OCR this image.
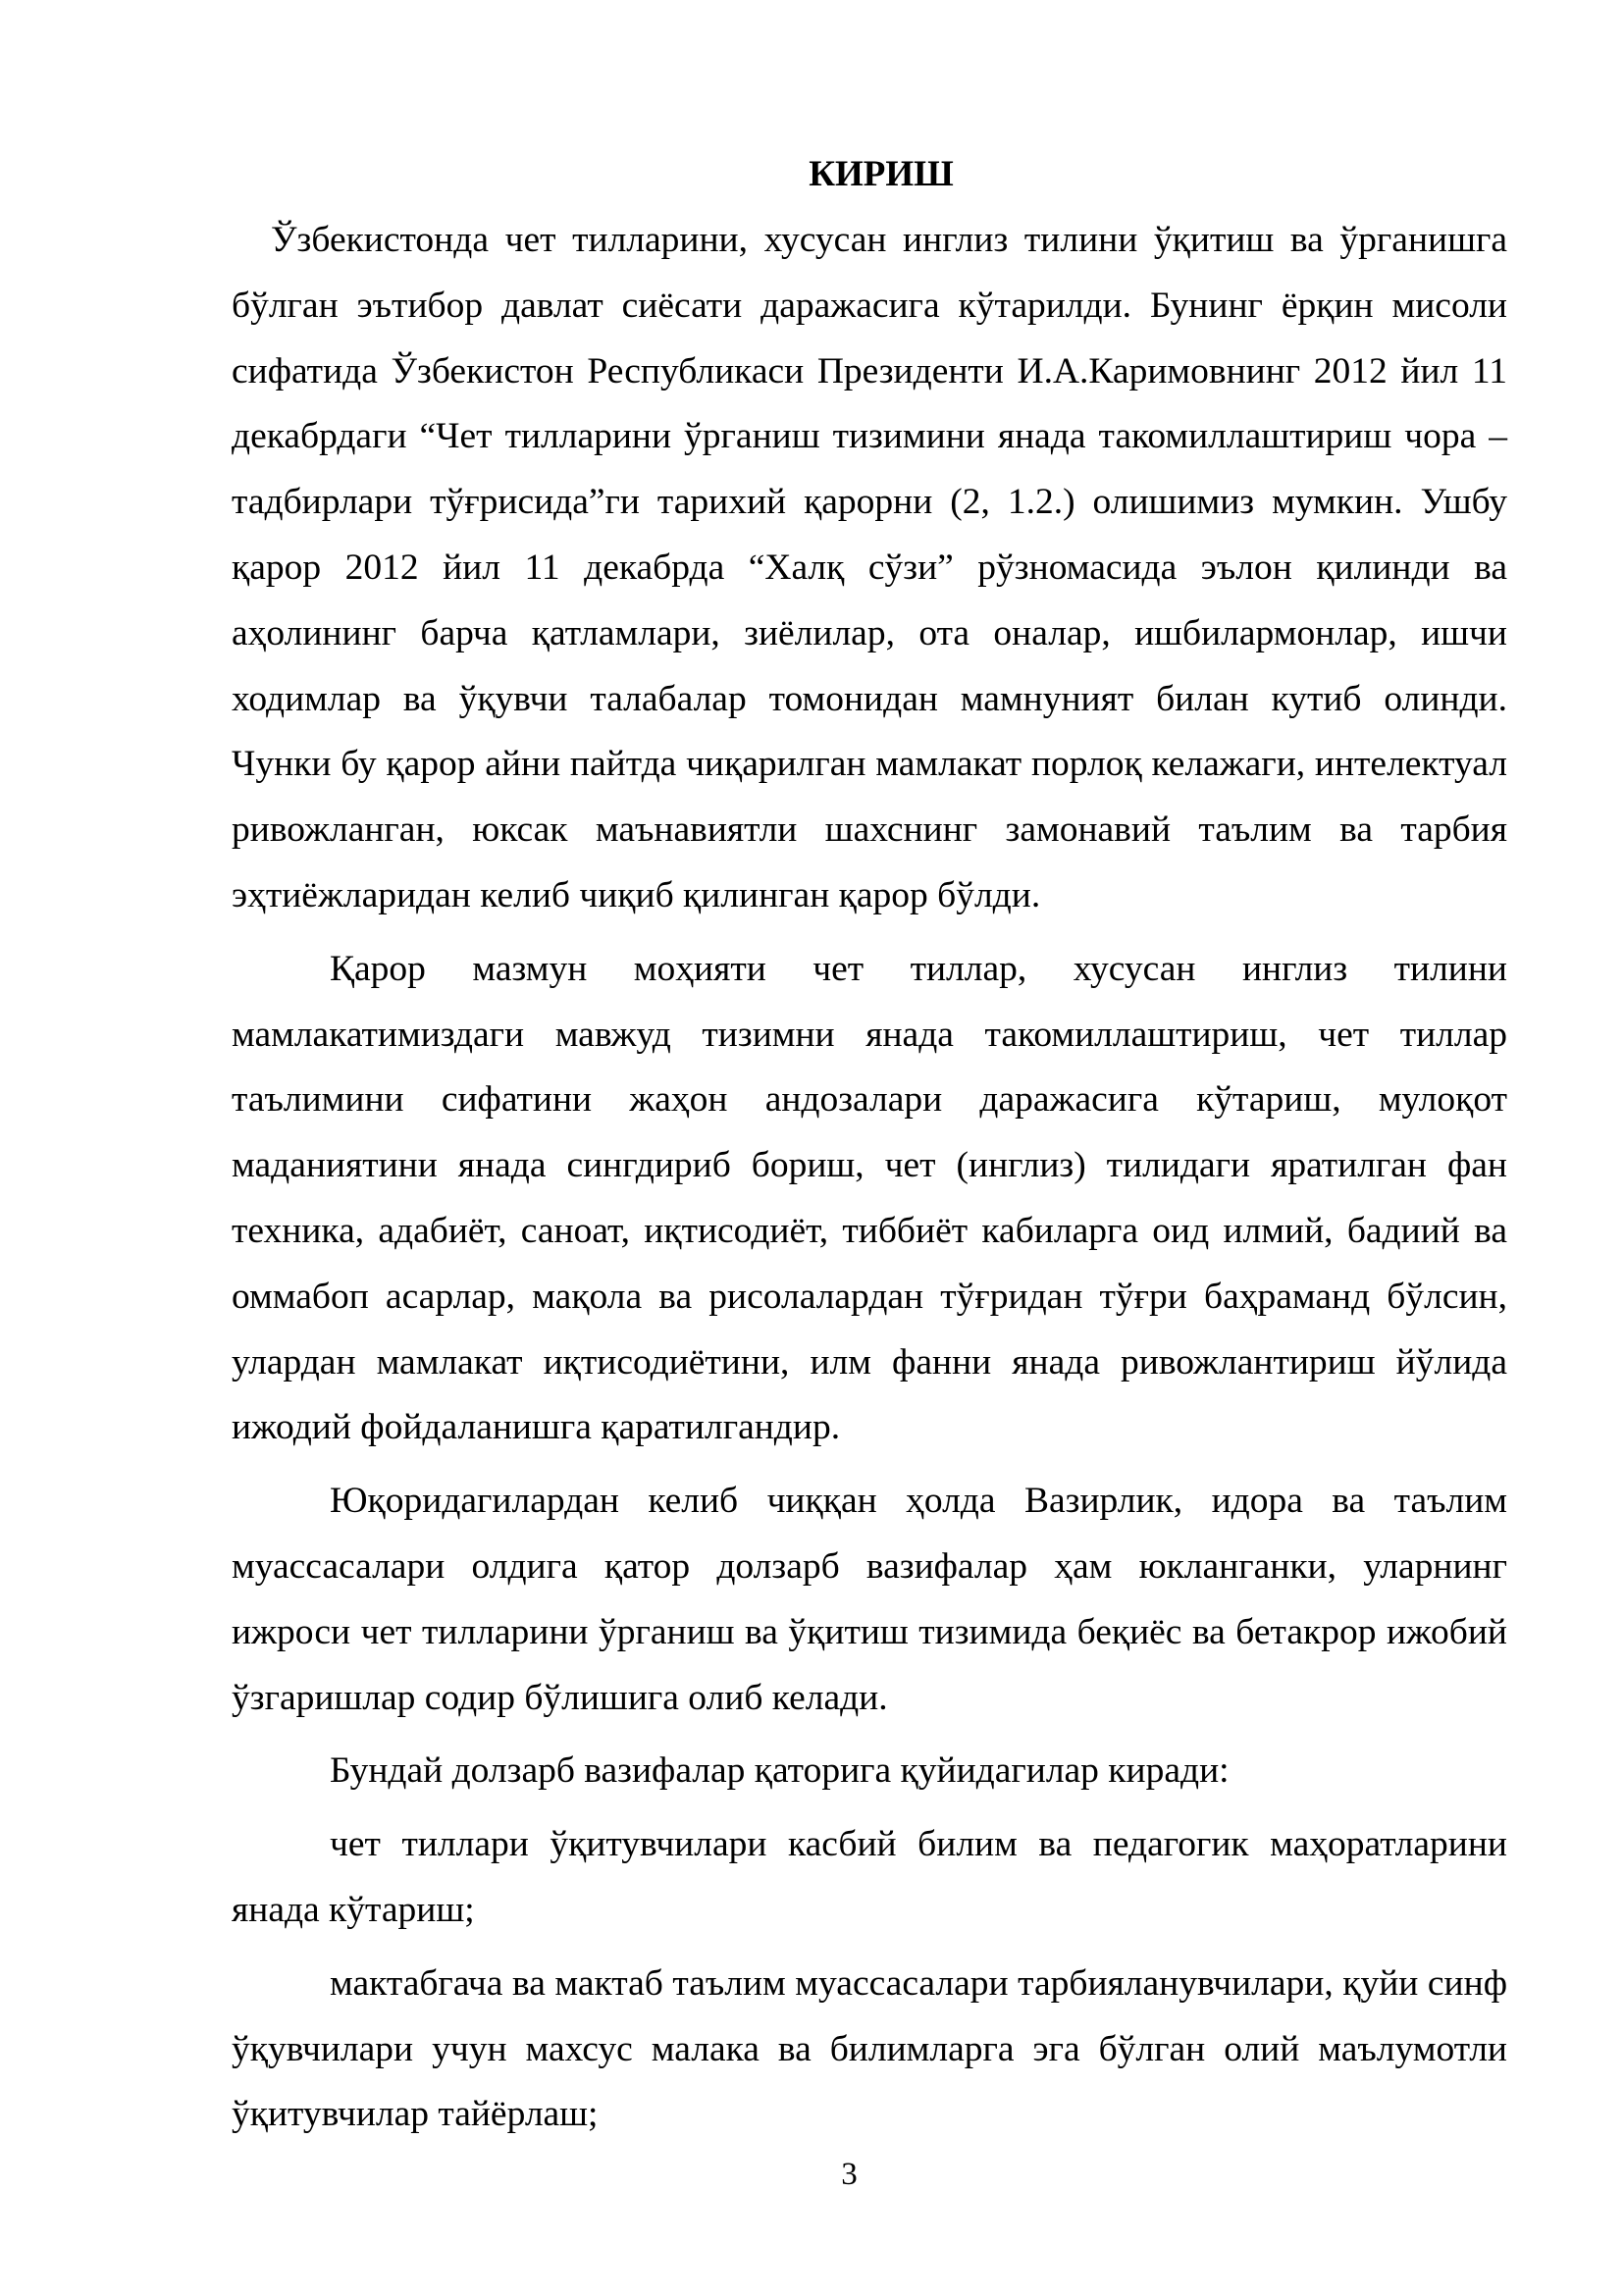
КИРИШ

Ўзбекистонда чет тилларини, хусусан инглиз тилини ўқитиш ва ўрганишга бўлган эътибор давлат сиёсати даражасига кўтарилди. Бунинг ёрқин мисоли сифатида Ўзбекистон Республикаси Президенти И.А.Каримовнинг 2012 йил 11 декабрдаги “Чет тилларини ўрганиш тизимини янада такомиллаштириш чора – тадбирлари тўғрисида”ги тарихий қарорни (2, 1.2.) олишимиз мумкин. Ушбу қарор 2012 йил 11 декабрда “Халқ сўзи” рўзномасида эълон қилинди ва аҳолининг барча қатламлари, зиёлилар, ота оналар, ишбилармонлар, ишчи ходимлар ва ўқувчи талабалар томонидан мамнуният билан кутиб олинди. Чунки бу қарор айни пайтда чиқарилган мамлакат порлоқ келажаги, интелектуал ривожланган, юксак маънавиятли шахснинг замонавий таълим ва тарбия эҳтиёжларидан келиб чиқиб қилинган қарор бўлди.

Қарор мазмун моҳияти чет тиллар, хусусан инглиз тилини мамлакатимиздаги мавжуд тизимни янада такомиллаштириш, чет тиллар таълимини сифатини жаҳон андозалари даражасига кўтариш, мулоқот маданиятини янада сингдириб бориш, чет (инглиз) тилидаги яратилган фан техника, адабиёт, саноат, иқтисодиёт, тиббиёт кабиларга оид илмий, бадиий ва оммабоп асарлар, мақола ва рисолалардан тўғридан тўғри баҳраманд бўлсин, улардан мамлакат иқтисодиётини, илм фанни янада ривожлантириш йўлида ижодий фойдаланишга қаратилгандир.

Юқоридагилардан келиб чиққан ҳолда Вазирлик, идора ва таълим муассасалари олдига қатор долзарб вазифалар ҳам юклангaнки, уларнинг ижроси чет тилларини ўрганиш ва ўқитиш тизимида беқиёс ва бетакрор ижобий ўзгаришлар содир бўлишига олиб келади.

Бундай долзарб вазифалар қаторига қуйидагилар киради:

чет тиллари ўқитувчилари касбий билим ва педагогик маҳоратларини янада кўтариш;

мактабгача ва мактаб таълим муассасалари тарбияланувчилари, қуйи синф ўқувчилари учун махсус малака ва билимларга эга бўлган олий маълумотли ўқитувчилар тайёрлаш;

3
